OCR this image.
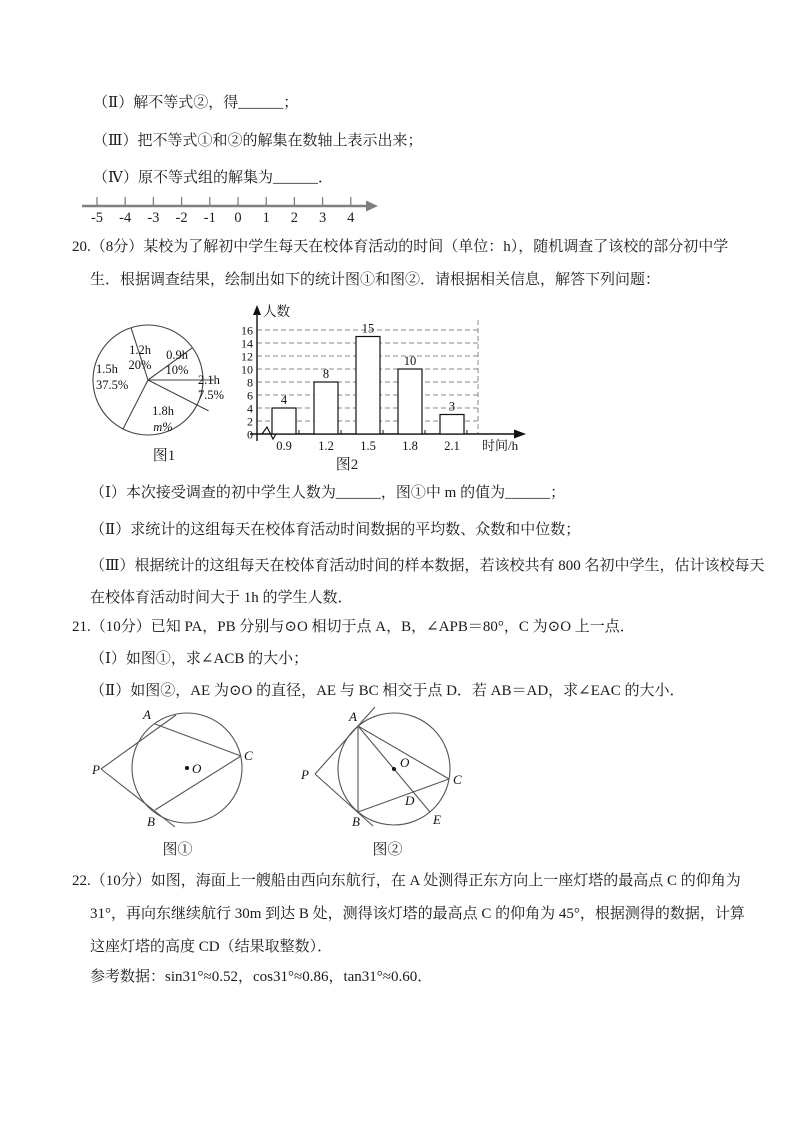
（Ⅱ）解不等式②，得______；
（Ⅲ）把不等式①和②的解集在数轴上表示出来；
（Ⅳ）原不等式组的解集为______．
-5 -4 -3 -2 -1 0 1 2 3 4
20.（8分）某校为了解初中学生每天在校体育活动的时间（单位：h），随机调查了该校的部分初中学
生．根据调查结果，绘制出如下的统计图①和图②．请根据相关信息，解答下列问题：
1.2h
20%
0.9h
10%
1.5h
37.5%
1.8h
m%
2.1h
7.5%
图1
0
2
4
6
8
10
12
14
16
4
0.9
8
1.2
15
1.5
10
1.8
3
2.1
人数
时间/h
图2
（Ⅰ）本次接受调查的初中学生人数为______，图①中 m 的值为______；
（Ⅱ）求统计的这组每天在校体育活动时间数据的平均数、众数和中位数；
（Ⅲ）根据统计的这组每天在校体育活动时间的样本数据，若该校共有 800 名初中学生，估计该校每天
在校体育活动时间大于 1h 的学生人数．
21.（10分）已知 PA，PB 分别与⊙O 相切于点 A，B，∠APB＝80°，C 为⊙O 上一点．
（Ⅰ）如图①，求∠ACB 的大小；
（Ⅱ）如图②，AE 为⊙O 的直径，AE 与 BC 相交于点 D．若 AB＝AD，求∠EAC 的大小．
P
A
B
C
O
图①
P
A
B
C
O
D
E
图②
22.（10分）如图，海面上一艘船由西向东航行，在 A 处测得正东方向上一座灯塔的最高点 C 的仰角为
31°，再向东继续航行 30m 到达 B 处，测得该灯塔的最高点 C 的仰角为 45°，根据测得的数据，计算
这座灯塔的高度 CD（结果取整数）．
参考数据：sin31°≈0.52，cos31°≈0.86，tan31°≈0.60．
